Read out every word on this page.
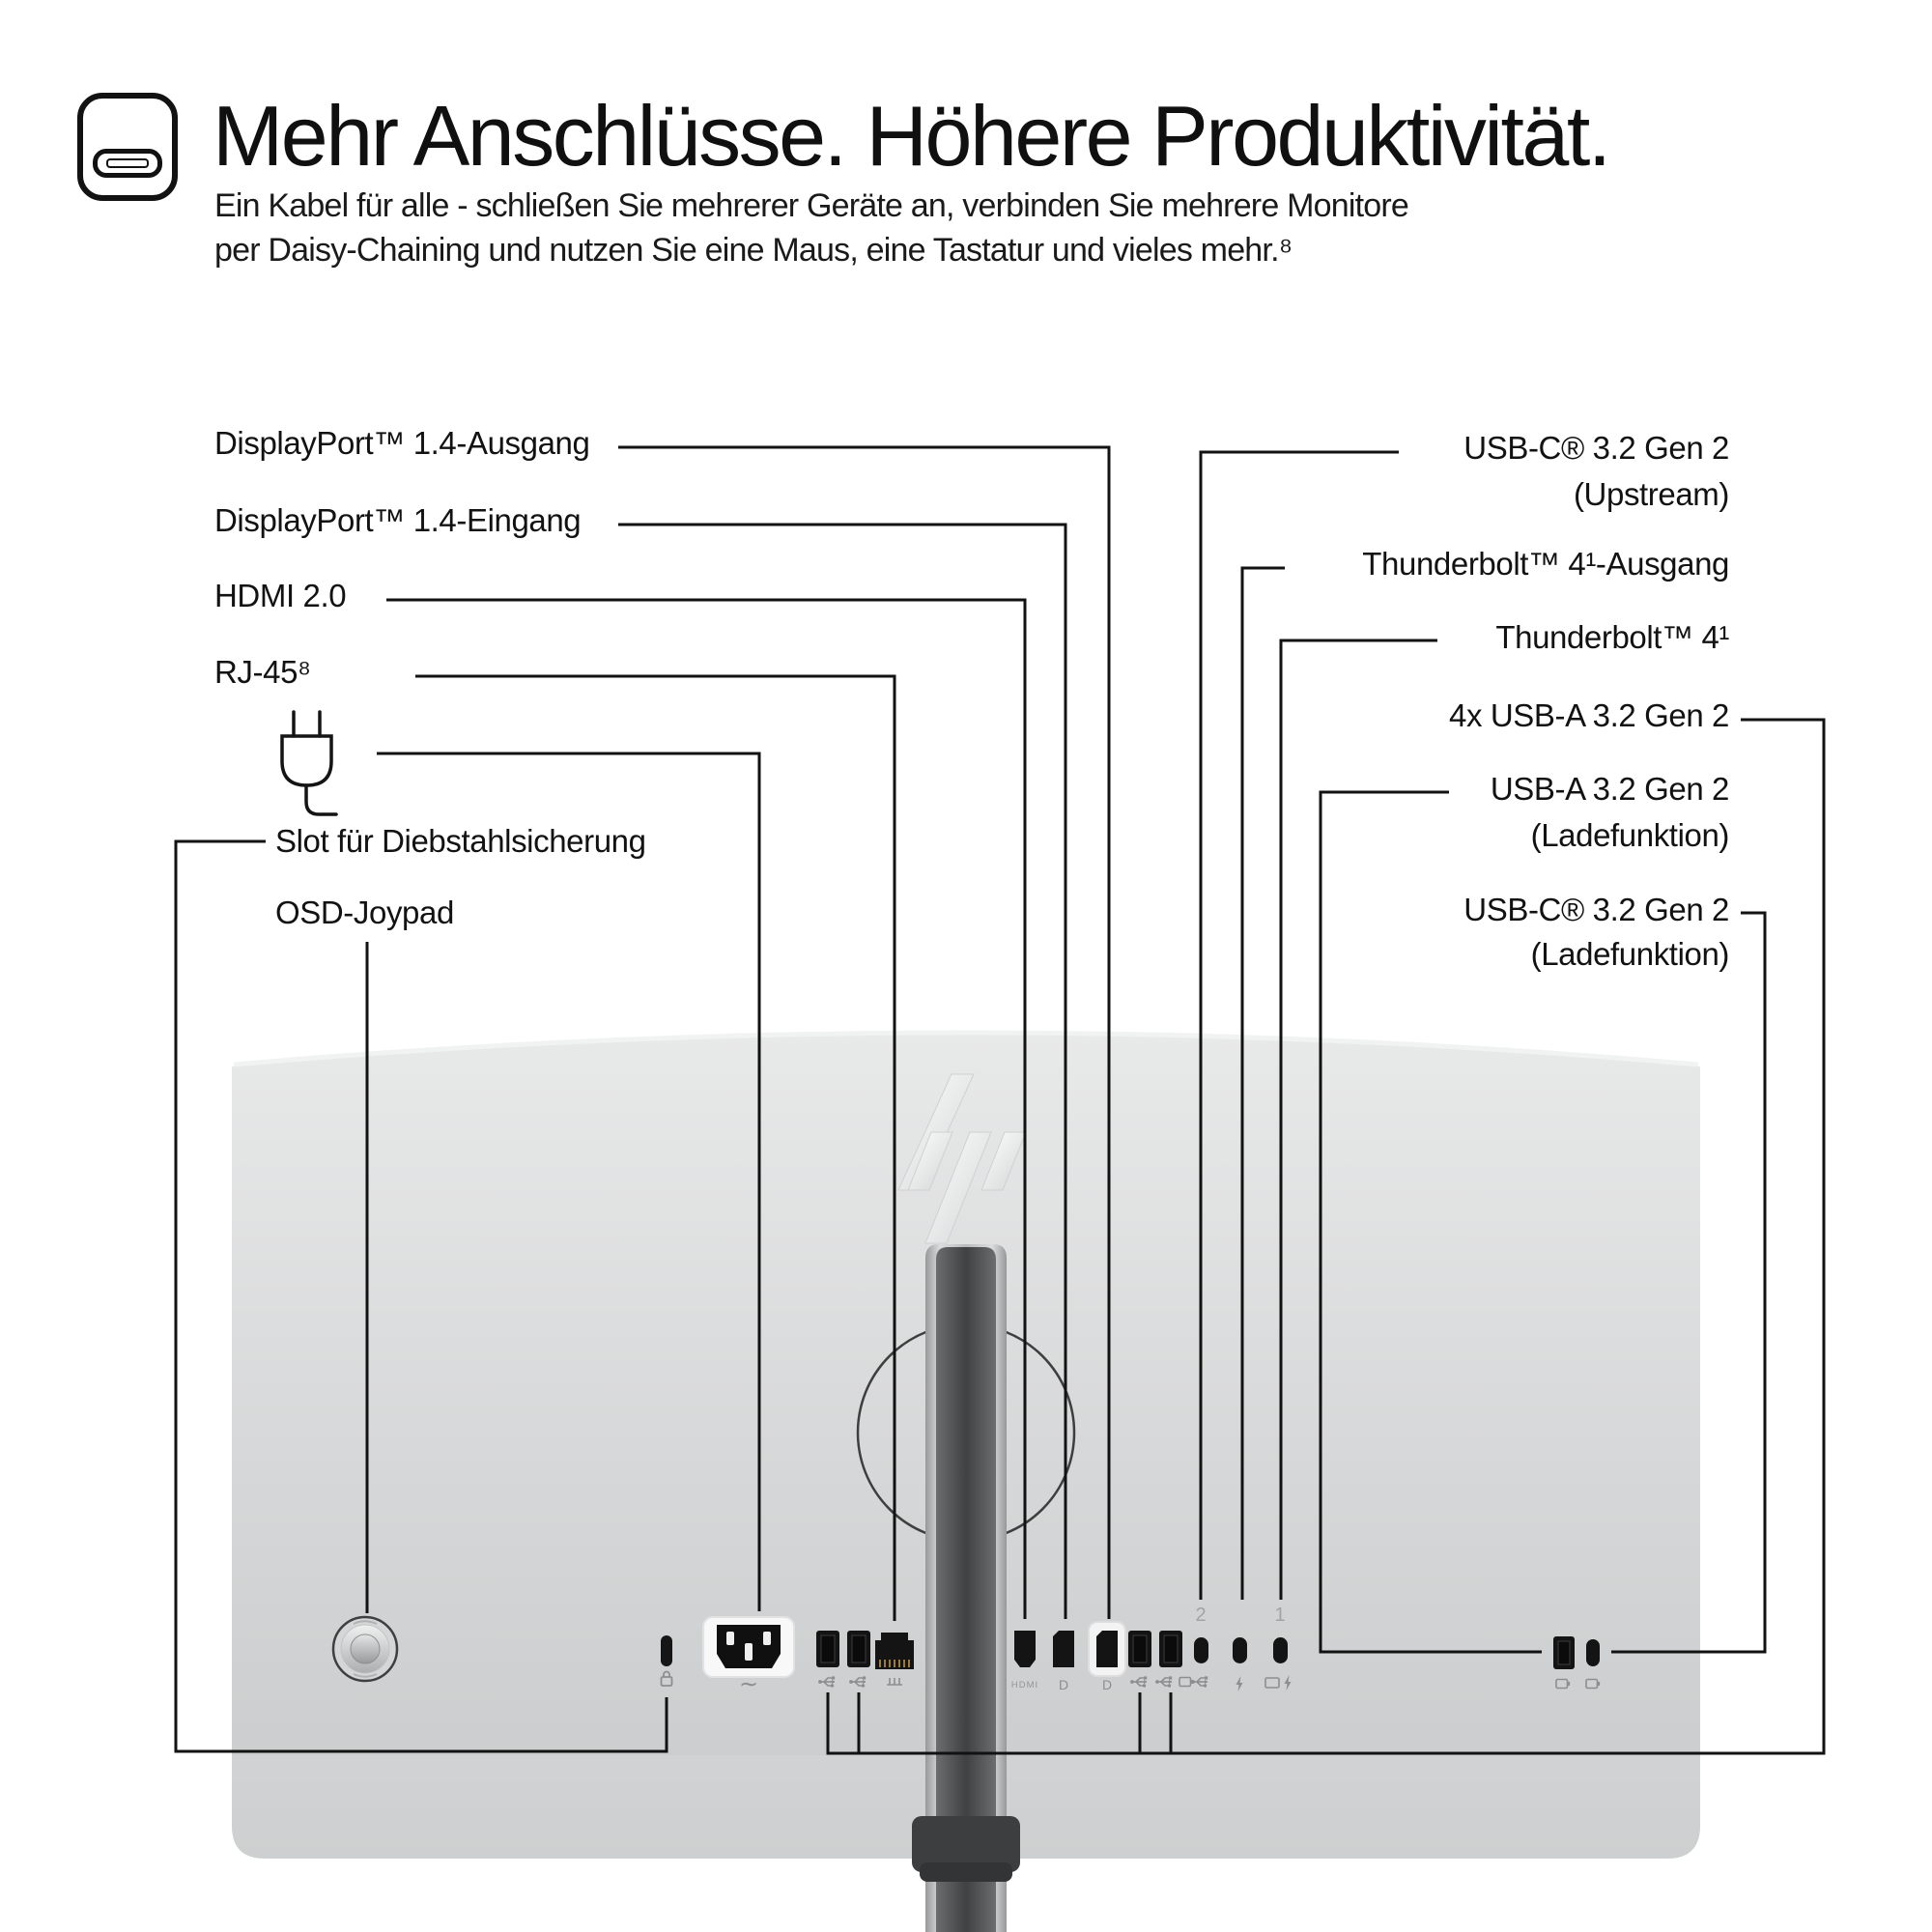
∼	HDMI D D
2	1
Mehr Anschlüsse. Höhere Produktivität.
Ein Kabel für alle - schließen Sie mehrerer Geräte an, verbinden Sie mehrere Monitore
per Daisy-Chaining und nutzen Sie eine Maus, eine Tastatur und vieles mehr.⁸
DisplayPort™ 1.4-Ausgang
DisplayPort™ 1.4-Eingang
HDMI 2.0
RJ-45⁸
Slot für Diebstahlsicherung
OSD-Joypad
USB-C® 3.2 Gen 2
(Upstream)
Thunderbolt™ 4¹-Ausgang
Thunderbolt™ 4¹
4x USB-A 3.2 Gen 2
USB-A 3.2 Gen 2
(Ladefunktion)
USB-C® 3.2 Gen 2
(Ladefunktion)
